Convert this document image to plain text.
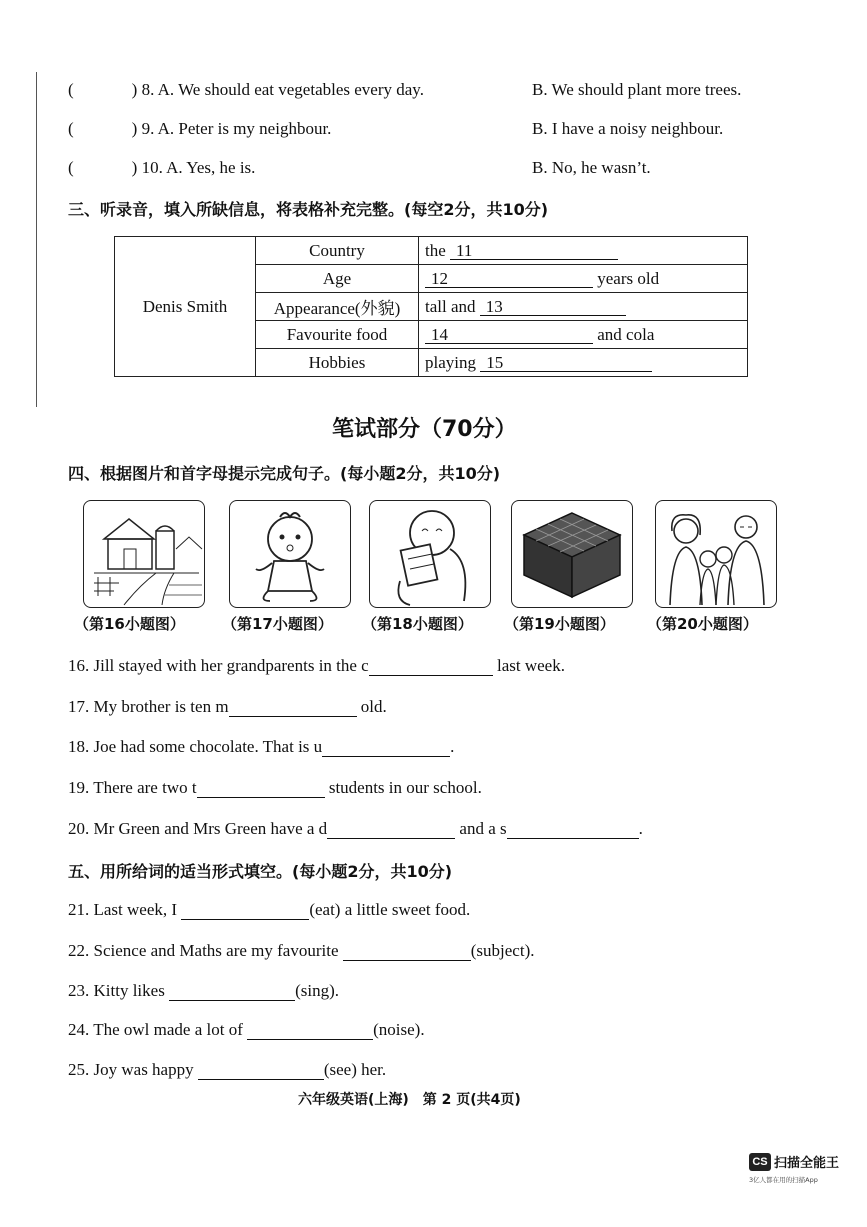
(	) 8. A. We should eat vegetables every day.	B. We should plant more trees.
(	) 9. A. Peter is my neighbour.	B. I have a noisy neighbour.
(	) 10. A. Yes, he is.	B. No, he wasn’t.
三、听录音，填入所缺信息，将表格补充完整。(每空2分，共10分)
Denis Smith	Country	the 11
	Age	12 years old
	Appearance(外貌)	tall and 13
	Favourite food	14 and cola
	Hobbies	playing 15
笔试部分（70分）
四、根据图片和首字母提示完成句子。(每小题2分，共10分)
（第16小题图） （第17小题图） （第18小题图） （第19小题图） （第20小题图）
16. Jill stayed with her grandparents in the c	last week.
17. My brother is ten m	old.
18. Joe had some chocolate. That is u	.
19. There are two t	students in our school.
20. Mr Green and Mrs Green have a d	and a s	.
五、用所给词的适当形式填空。(每小题2分，共10分)
21. Last week, I	(eat) a little sweet food.
22. Science and Maths are my favourite	(subject).
23. Kitty likes	(sing).
24. The owl made a lot of	(noise).
25. Joy was happy	(see) her.
六年级英语(上海)　第 2 页(共4页)
CS 扫描全能王
3亿人都在用的扫描App
